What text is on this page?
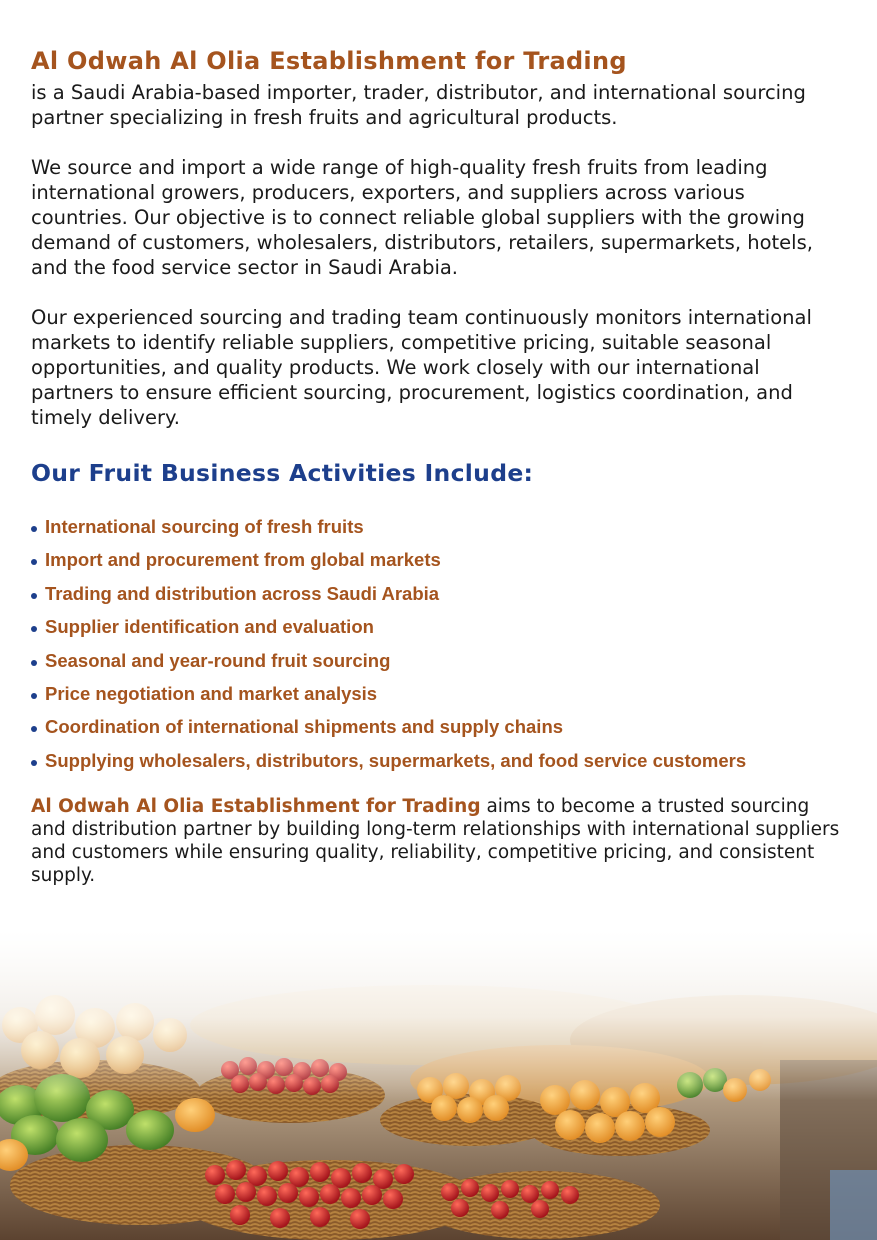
Al Odwah Al Olia Establishment for Trading

is a Saudi Arabia-based importer, trader, distributor, and international sourcing partner specializing in fresh fruits and agricultural products.

We source and import a wide range of high-quality fresh fruits from leading international growers, producers, exporters, and suppliers across various countries. Our objective is to connect reliable global suppliers with the growing demand of customers, wholesalers, distributors, retailers, supermarkets, hotels, and the food service sector in Saudi Arabia.

Our experienced sourcing and trading team continuously monitors international markets to identify reliable suppliers, competitive pricing, suitable seasonal opportunities, and quality products. We work closely with our international partners to ensure efficient sourcing, procurement, logistics coordination, and timely delivery.

Our Fruit Business Activities Include:
International sourcing of fresh fruits
Import and procurement from global markets
Trading and distribution across Saudi Arabia
Supplier identification and evaluation
Seasonal and year-round fruit sourcing
Price negotiation and market analysis
Coordination of international shipments and supply chains
Supplying wholesalers, distributors, supermarkets, and food service customers

Al Odwah Al Olia Establishment for Trading aims to become a trusted sourcing and distribution partner by building long-term relationships with international suppliers and customers while ensuring quality, reliability, competitive pricing, and consistent supply.
